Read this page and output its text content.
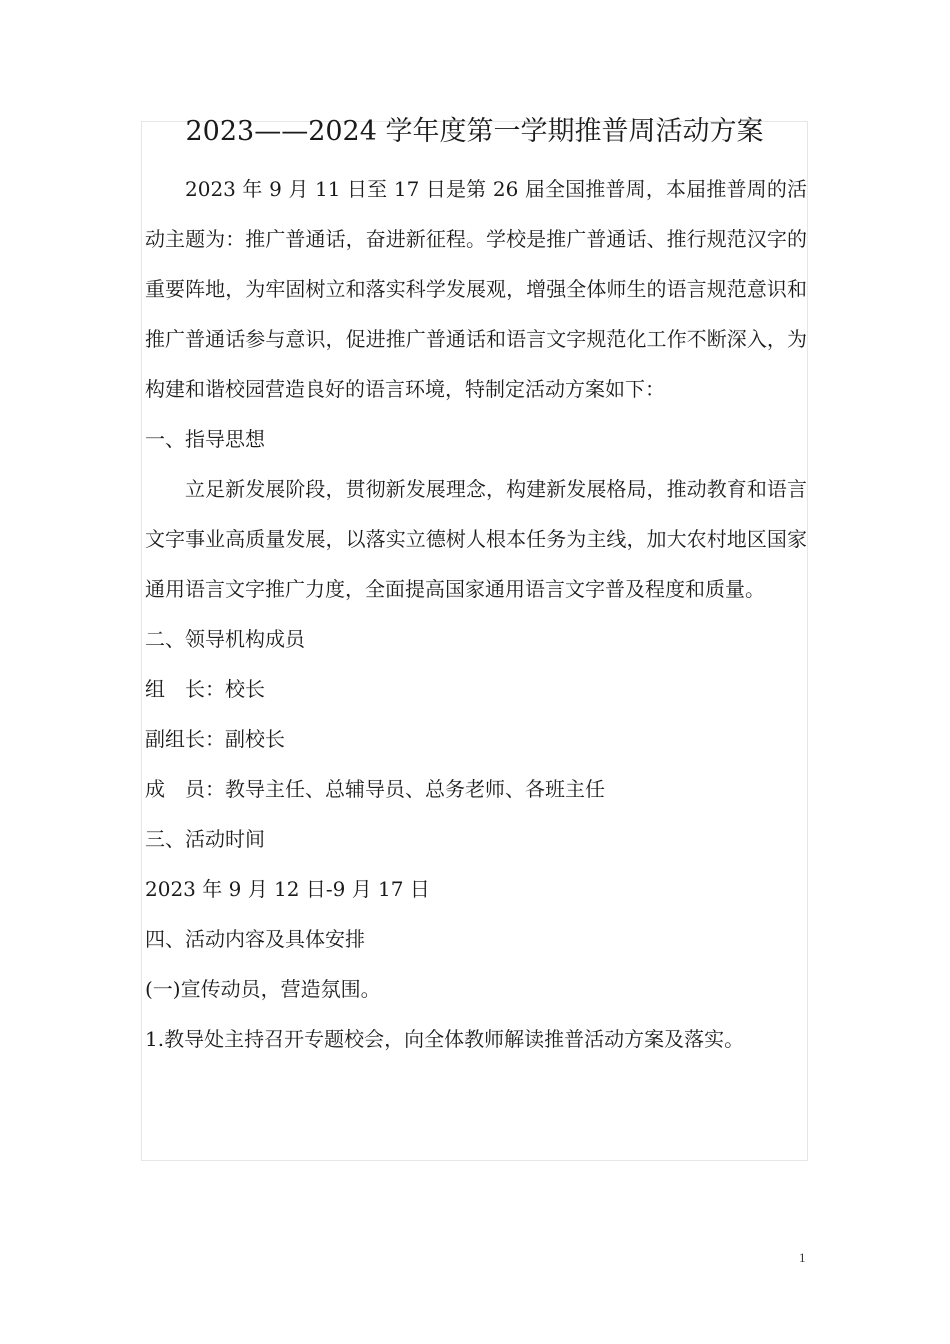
2023——2024 学年度第一学期推普周活动方案

2023 年 9 月 11 日至 17 日是第 26 届全国推普周，本届推普周的活动主题为：推广普通话，奋进新征程。学校是推广普通话、推行规范汉字的重要阵地，为牢固树立和落实科学发展观，增强全体师生的语言规范意识和推广普通话参与意识，促进推广普通话和语言文字规范化工作不断深入，为构建和谐校园营造良好的语言环境，特制定活动方案如下：

一、指导思想

立足新发展阶段，贯彻新发展理念，构建新发展格局，推动教育和语言文字事业高质量发展，以落实立德树人根本任务为主线，加大农村地区国家通用语言文字推广力度，全面提高国家通用语言文字普及程度和质量。

二、领导机构成员

组　长：校长

副组长：副校长

成　员：教导主任、总辅导员、总务老师、各班主任

三、活动时间

2023 年 9 月 12 日-9 月 17 日

四、活动内容及具体安排

(一)宣传动员，营造氛围。

1.教导处主持召开专题校会，向全体教师解读推普活动方案及落实。

1
